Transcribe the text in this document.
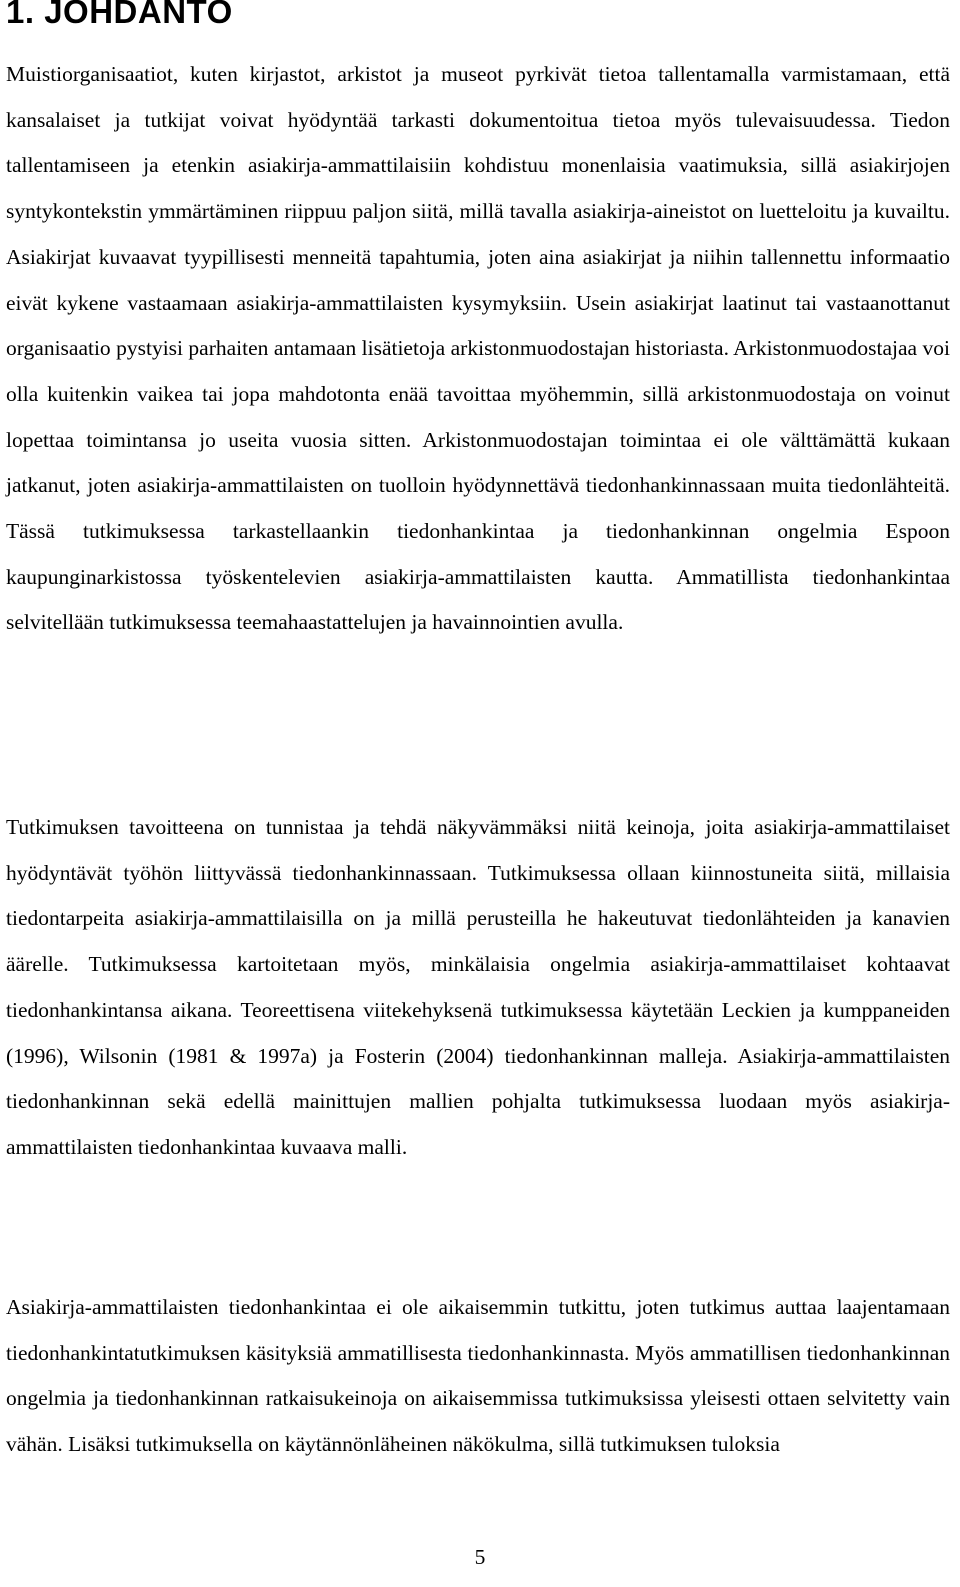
1. JOHDANTO

Muistiorganisaatiot, kuten kirjastot, arkistot ja museot pyrkivät tietoa tallentamalla varmistamaan, että kansalaiset ja tutkijat voivat hyödyntää tarkasti dokumentoitua tietoa myös tulevaisuudessa. Tiedon tallentamiseen ja etenkin asiakirja-ammattilaisiin kohdistuu monenlaisia vaatimuksia, sillä asiakirjojen syntykontekstin ymmärtäminen riippuu paljon siitä, millä tavalla asiakirja-aineistot on luetteloitu ja kuvailtu. Asiakirjat kuvaavat tyypillisesti menneitä tapahtumia, joten aina asiakirjat ja niihin tallennettu informaatio eivät kykene vastaamaan asiakirja-ammattilaisten kysymyksiin. Usein asiakirjat laatinut tai vastaanottanut organisaatio pystyisi parhaiten antamaan lisätietoja arkistonmuodostajan historiasta. Arkistonmuodostajaa voi olla kuitenkin vaikea tai jopa mahdotonta enää tavoittaa myöhemmin, sillä arkistonmuodostaja on voinut lopettaa toimintansa jo useita vuosia sitten. Arkistonmuodostajan toimintaa ei ole välttämättä kukaan jatkanut, joten asiakirja-ammattilaisten on tuolloin hyödynnettävä tiedonhankinnassaan muita tiedonlähteitä. Tässä tutkimuksessa tarkastellaankin tiedonhankintaa ja tiedonhankinnan ongelmia Espoon kaupunginarkistossa työskentelevien asiakirja-ammattilaisten kautta. Ammatillista tiedonhankintaa selvitellään tutkimuksessa teemahaastattelujen ja havainnointien avulla.

Tutkimuksen tavoitteena on tunnistaa ja tehdä näkyvämmäksi niitä keinoja, joita asiakirja-ammattilaiset hyödyntävät työhön liittyvässä tiedonhankinnassaan. Tutkimuksessa ollaan kiinnostuneita siitä, millaisia tiedontarpeita asiakirja-ammattilaisilla on ja millä perusteilla he hakeutuvat tiedonlähteiden ja kanavien äärelle. Tutkimuksessa kartoitetaan myös, minkälaisia ongelmia asiakirja-ammattilaiset kohtaavat tiedonhankintansa aikana. Teoreettisena viitekehyksenä tutkimuksessa käytetään Leckien ja kumppaneiden (1996), Wilsonin (1981 & 1997a) ja Fosterin (2004) tiedonhankinnan malleja. Asiakirja-ammattilaisten tiedonhankinnan sekä edellä mainittujen mallien pohjalta tutkimuksessa luodaan myös asiakirja-ammattilaisten tiedonhankintaa kuvaava malli.

Asiakirja-ammattilaisten tiedonhankintaa ei ole aikaisemmin tutkittu, joten tutkimus auttaa laajentamaan tiedonhankintatutkimuksen käsityksiä ammatillisesta tiedonhankinnasta. Myös ammatillisen tiedonhankinnan ongelmia ja tiedonhankinnan ratkaisukeinoja on aikaisemmissa tutkimuksissa yleisesti ottaen selvitetty vain vähän. Lisäksi tutkimuksella on käytännönläheinen näkökulma, sillä tutkimuksen tuloksia

5
